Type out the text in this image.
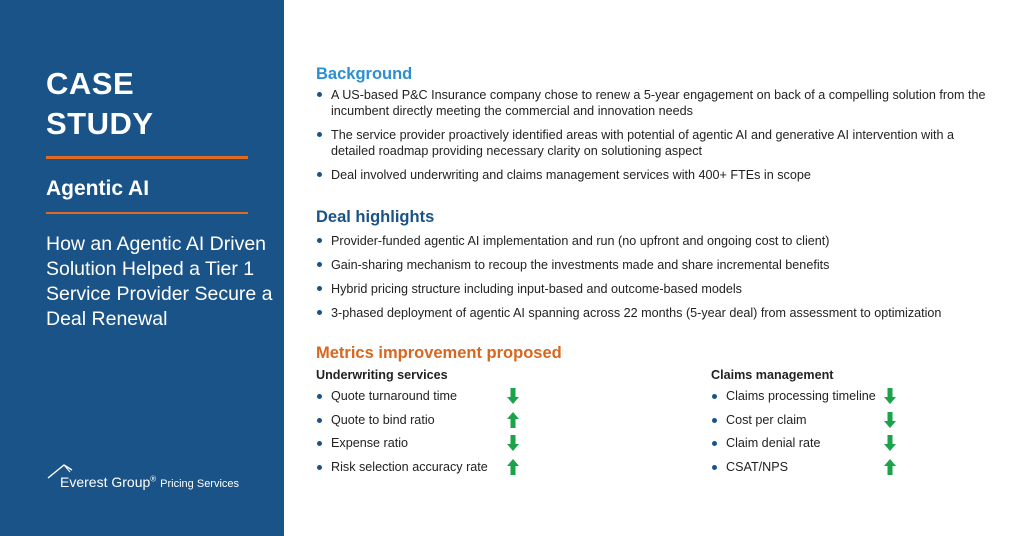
CASE
STUDY
Agentic AI
How an Agentic AI Driven Solution Helped a Tier 1 Service Provider Secure a Deal Renewal
Everest Group® Pricing Services
Background
A US-based P&C Insurance company chose to renew a 5-year engagement on back of a compelling solution from the incumbent directly meeting the commercial and innovation needs
The service provider proactively identified areas with potential of agentic AI and generative AI intervention with a detailed roadmap providing necessary clarity on solutioning aspect
Deal involved underwriting and claims management services with 400+ FTEs in scope
Deal highlights
Provider-funded agentic AI implementation and run (no upfront and ongoing cost to client)
Gain-sharing mechanism to recoup the investments made and share incremental benefits
Hybrid pricing structure including input-based and outcome-based models
3-phased deployment of agentic AI spanning across 22 months (5-year deal) from assessment to optimization
Metrics improvement proposed
Underwriting services	Claims management
Quote turnaround time
Quote to bind ratio
Expense ratio
Risk selection accuracy rate
Claims processing timeline
Cost per claim
Claim denial rate
CSAT/NPS
